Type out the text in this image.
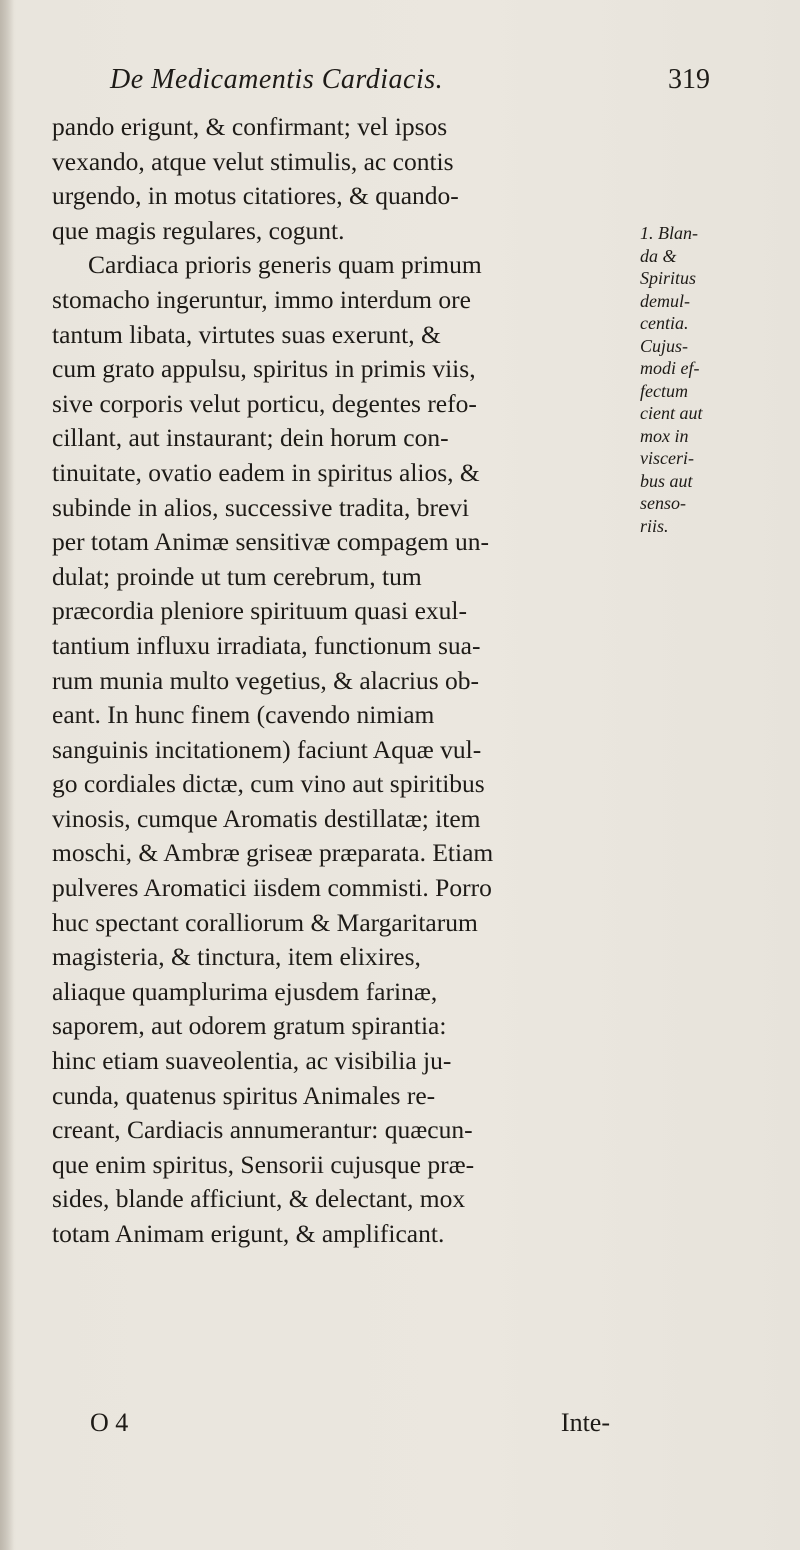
De Medicamentis Cardiacis.	319
pando erigunt, & confirmant; vel ipsos
vexando, atque velut stimulis, ac contis
urgendo, in motus citatiores, & quando-
que magis regulares, cogunt.
Cardiaca prioris generis quam primum
stomacho ingeruntur, immo interdum ore
tantum libata, virtutes suas exerunt, &
cum grato appulsu, spiritus in primis viis,
sive corporis velut porticu, degentes refo-
cillant, aut instaurant; dein horum con-
tinuitate, ovatio eadem in spiritus alios, &
subinde in alios, successive tradita, brevi
per totam Animæ sensitivæ compagem un-
dulat; proinde ut tum cerebrum, tum
præcordia pleniore spirituum quasi exul-
tantium influxu irradiata, functionum sua-
rum munia multo vegetius, & alacrius ob-
eant. In hunc finem (cavendo nimiam
sanguinis incitationem) faciunt Aquæ vul-
go cordiales dictæ, cum vino aut spiritibus
vinosis, cumque Aromatis destillatæ; item
moschi, & Ambræ griseæ præparata. Etiam
pulveres Aromatici iisdem commisti. Porro
huc spectant coralliorum & Margaritarum
magisteria, & tinctura, item elixires,
aliaque quamplurima ejusdem farinæ,
saporem, aut odorem gratum spirantia:
hinc etiam suaveolentia, ac visibilia ju-
cunda, quatenus spiritus Animales re-
creant, Cardiacis annumerantur: quæcun-
que enim spiritus, Sensorii cujusque præ-
sides, blande afficiunt, & delectant, mox
totam Animam erigunt, & amplificant.
1. Blan-
da &
Spiritus
demul-
centia.
Cujus-
modi ef-
fectum
cient aut
mox in
visceri-
bus aut
senso-
riis.
O 4	Inte-
